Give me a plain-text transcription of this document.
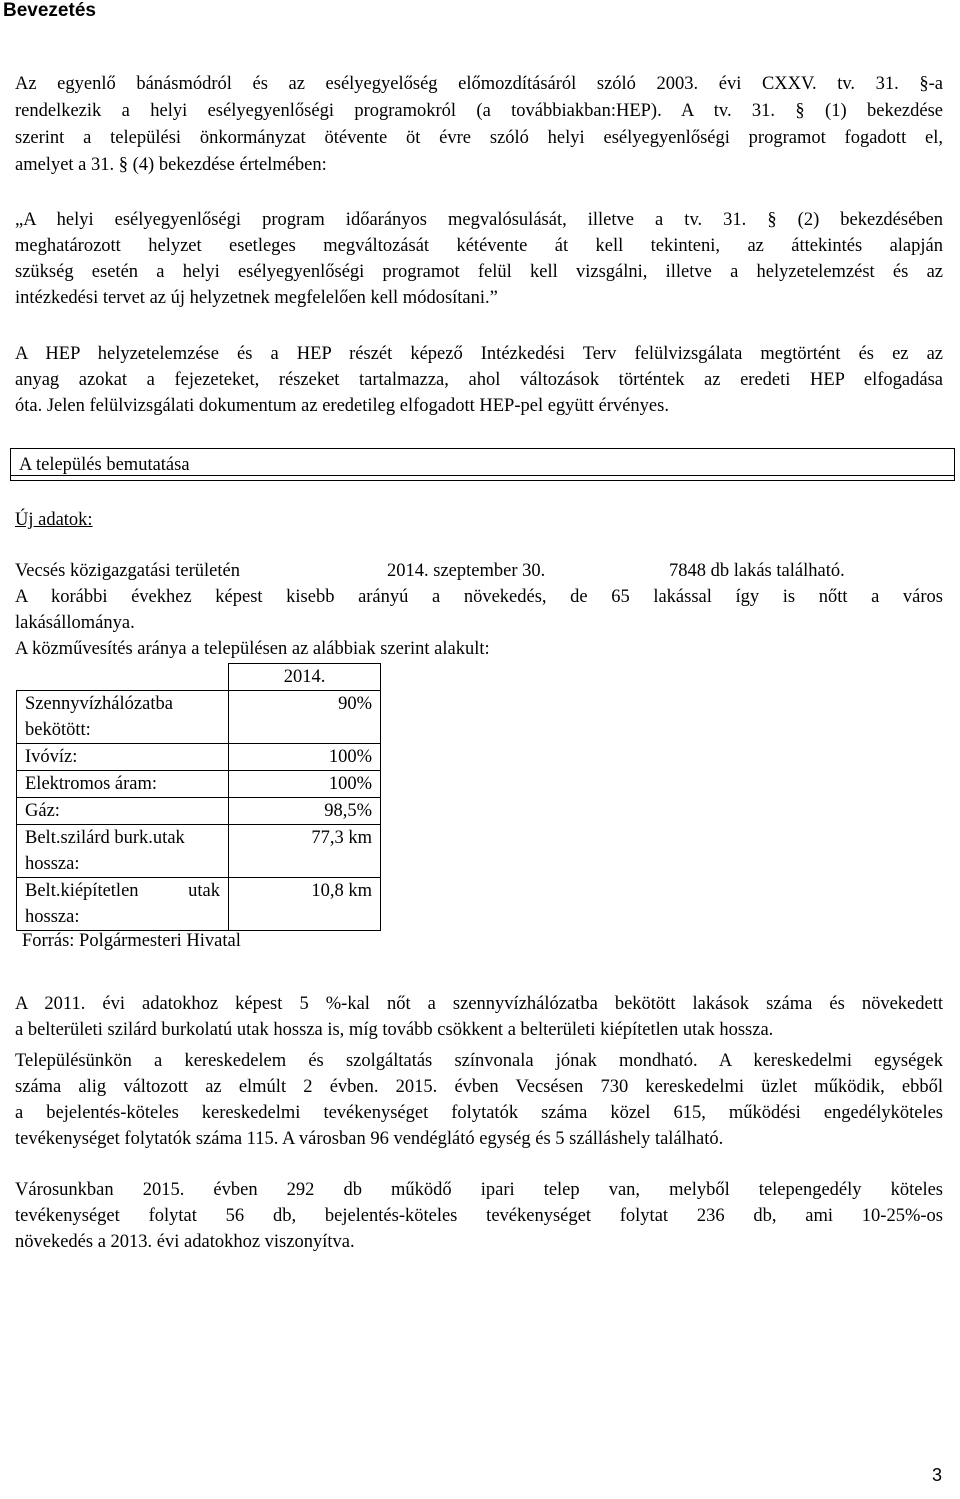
Bevezetés
Az egyenlő bánásmódról és az esélyegyelőség előmozdításáról szóló 2003. évi CXXV. tv. 31. §-a
rendelkezik a helyi esélyegyenlőségi programokról (a továbbiakban:HEP). A tv. 31. § (1) bekezdése
szerint a települési önkormányzat ötévente öt évre szóló helyi esélyegyenlőségi programot fogadott el,
amelyet a 31. § (4) bekezdése értelmében:
„A helyi esélyegyenlőségi program időarányos megvalósulását, illetve a tv. 31. § (2) bekezdésében
meghatározott helyzet esetleges megváltozását kétévente át kell tekinteni, az áttekintés alapján
szükség esetén a helyi esélyegyenlőségi programot felül kell vizsgálni, illetve a helyzetelemzést és az
intézkedési tervet az új helyzetnek megfelelően kell módosítani.”
A HEP helyzetelemzése és a HEP részét képező Intézkedési Terv felülvizsgálata megtörtént és ez az
anyag azokat a fejezeteket, részeket tartalmazza, ahol változások történtek az eredeti HEP elfogadása
óta. Jelen felülvizsgálati dokumentum az eredetileg elfogadott HEP-pel együtt érvényes.
A település bemutatása
Új adatok:
Vecsés közigazgatási területén	2014. szeptember 30.	7848 db lakás található.
A korábbi évekhez képest kisebb arányú a növekedés, de 65 lakással így is nőtt a város
lakásállománya.
A közművesítés aránya a településen az alábbiak szerint alakult:
	2014.
Szennyvízhálózatba bekötött:	90%
Ivóvíz:	100%
Elektromos áram:	100%
Gáz:	98,5%
Belt.szilárd burk.utak hossza:	77,3 km
Belt.kiépítetlen utak hossza:	10,8 km
Forrás: Polgármesteri Hivatal
A 2011. évi adatokhoz képest 5 %-kal nőt a szennyvízhálózatba bekötött lakások száma és növekedett
a belterületi szilárd burkolatú utak hossza is, míg tovább csökkent a belterületi kiépítetlen utak hossza.
Településünkön a kereskedelem és szolgáltatás színvonala jónak mondható. A kereskedelmi egységek
száma alig változott az elmúlt 2 évben. 2015. évben Vecsésen 730 kereskedelmi üzlet működik, ebből
a bejelentés-köteles kereskedelmi tevékenységet folytatók száma közel 615, működési engedélyköteles
tevékenységet folytatók száma 115. A városban 96 vendéglátó egység és 5 szálláshely található.
Városunkban 2015. évben 292 db működő ipari telep van, melyből telepengedély köteles
tevékenységet folytat 56 db, bejelentés-köteles tevékenységet folytat 236 db, ami 10-25%-os
növekedés a 2013. évi adatokhoz viszonyítva.
3
